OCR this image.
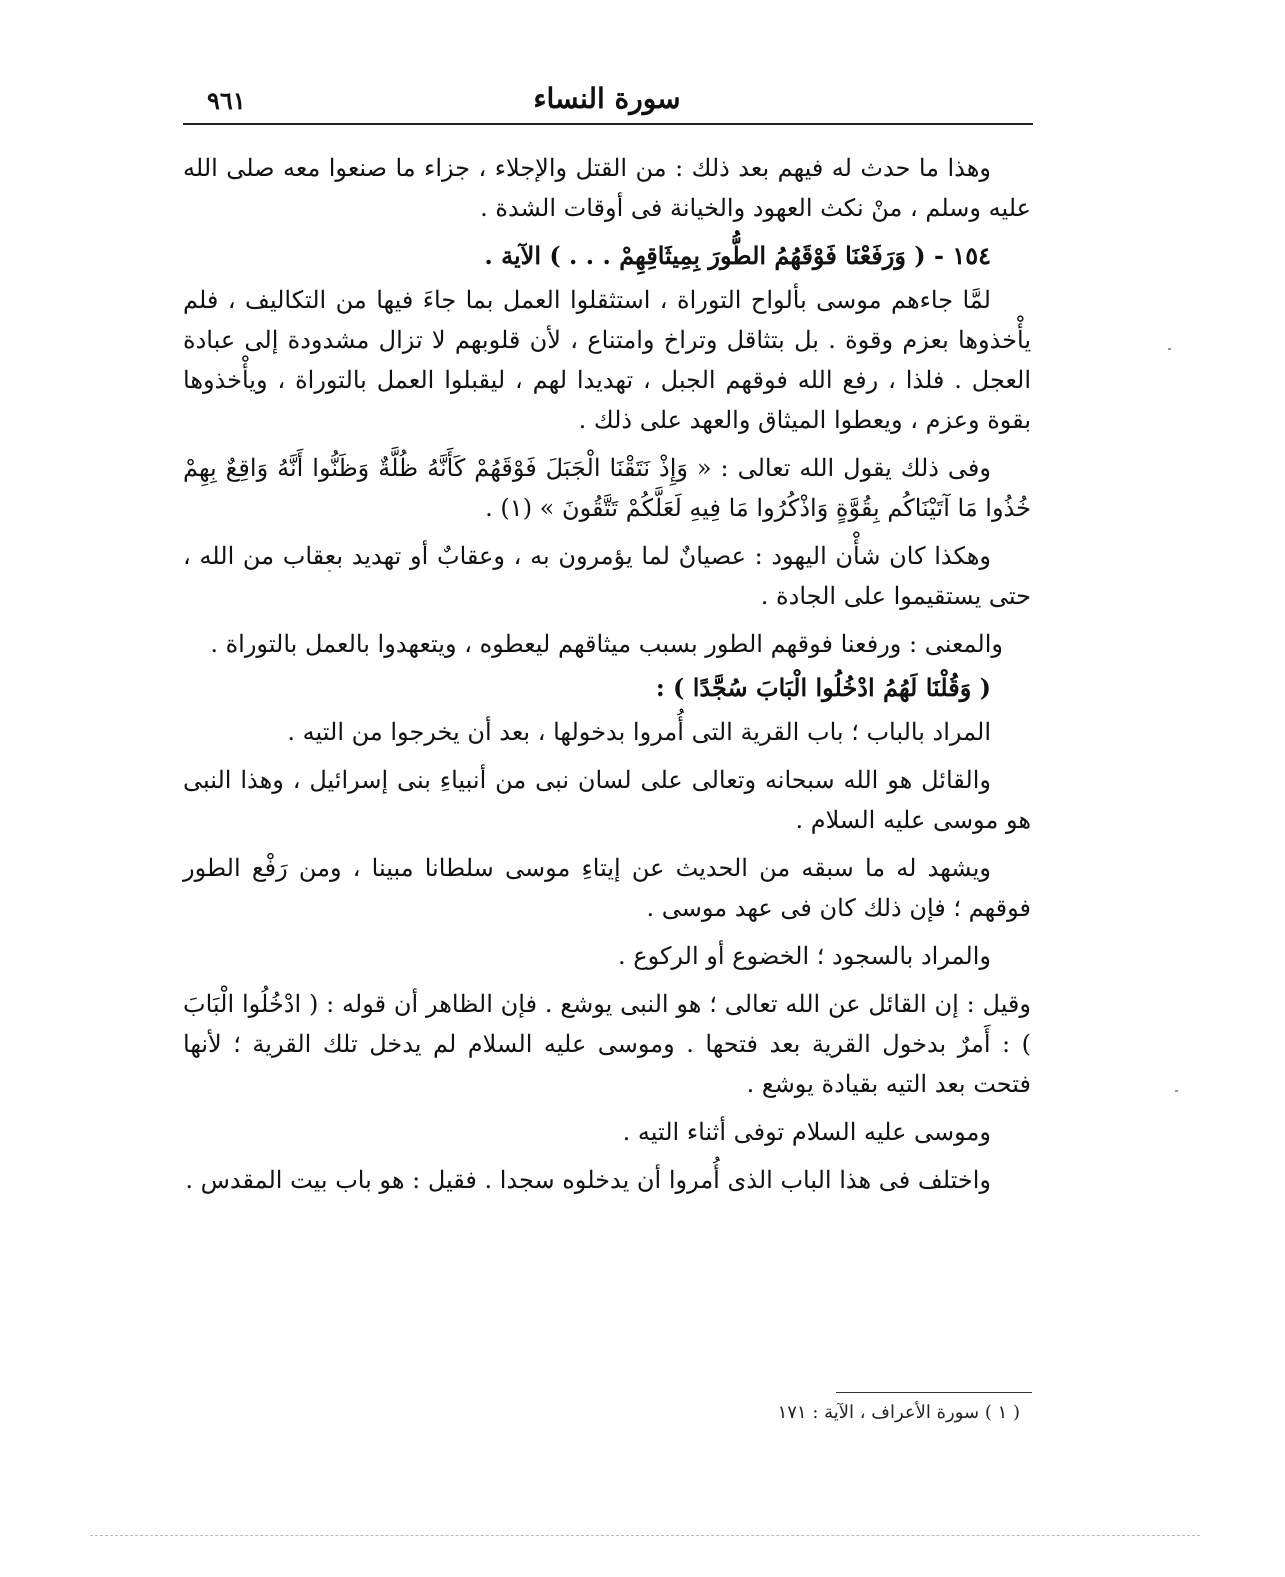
٩٦١	سورة النساء

وهذا ما حدث له فيهم بعد ذلك : من القتل والإجلاء ، جزاء ما صنعوا معه صلى الله عليه وسلم ، منْ نكث العهود والخيانة فى أوقات الشدة .

١٥٤ - ( وَرَفَعْنَا فَوْقَهُمُ الطُّورَ بِمِيثَاقِهِمْ . . . ) الآية .

لمَّا جاءهم موسى بألواح التوراة ، استثقلوا العمل بما جاءَ فيها من التكاليف ، فلم يأْخذوها بعزم وقوة . بل بتثاقل وتراخ وامتناع ، لأن قلوبهم لا تزال مشدودة إلى عبادة العجل . فلذا ، رفع الله فوقهم الجبل ، تهديدا لهم ، ليقبلوا العمل بالتوراة ، ويأْخذوها بقوة وعزم ، ويعطوا الميثاق والعهد على ذلك .

وفى ذلك يقول الله تعالى : « وَإِذْ نَتَقْنَا الْجَبَلَ فَوْقَهُمْ كَأَنَّهُ ظُلَّةٌ وَظَنُّوا أَنَّهُ وَاقِعٌ بِهِمْ خُذُوا مَا آتَيْنَاكُم بِقُوَّةٍ وَاذْكُرُوا مَا فِيهِ لَعَلَّكُمْ تَتَّقُونَ » (١) .

وهكذا كان شأْن اليهود : عصيانٌ لما يؤمرون به ، وعقابٌ أو تهديد بعقاب من الله ، حتى يستقيموا على الجادة .

والمعنى : ورفعنا فوقهم الطور بسبب ميثاقهم ليعطوه ، ويتعهدوا بالعمل بالتوراة .

( وَقُلْنَا لَهُمُ ادْخُلُوا الْبَابَ سُجَّدًا ) :

المراد بالباب ؛ باب القرية التى أُمروا بدخولها ، بعد أن يخرجوا من التيه .

والقائل هو الله سبحانه وتعالى على لسان نبى من أنبياءِ بنى إسرائيل ، وهذا النبى هو موسى عليه السلام .

ويشهد له ما سبقه من الحديث عن إيتاءِ موسى سلطانا مبينا ، ومن رَفْع الطور فوقهم ؛ فإن ذلك كان فى عهد موسى .

والمراد بالسجود ؛ الخضوع أو الركوع .

وقيل : إن القائل عن الله تعالى ؛ هو النبى يوشع . فإن الظاهر أن قوله : ( ادْخُلُوا الْبَابَ ) : أَمرٌ بدخول القرية بعد فتحها . وموسى عليه السلام لم يدخل تلك القرية ؛ لأنها فتحت بعد التيه بقيادة يوشع .

وموسى عليه السلام توفى أثناء التيه .

واختلف فى هذا الباب الذى أُمروا أن يدخلوه سجدا . فقيل : هو باب بيت المقدس .

( ١ ) سورة الأعراف ، الآية : ١٧١
